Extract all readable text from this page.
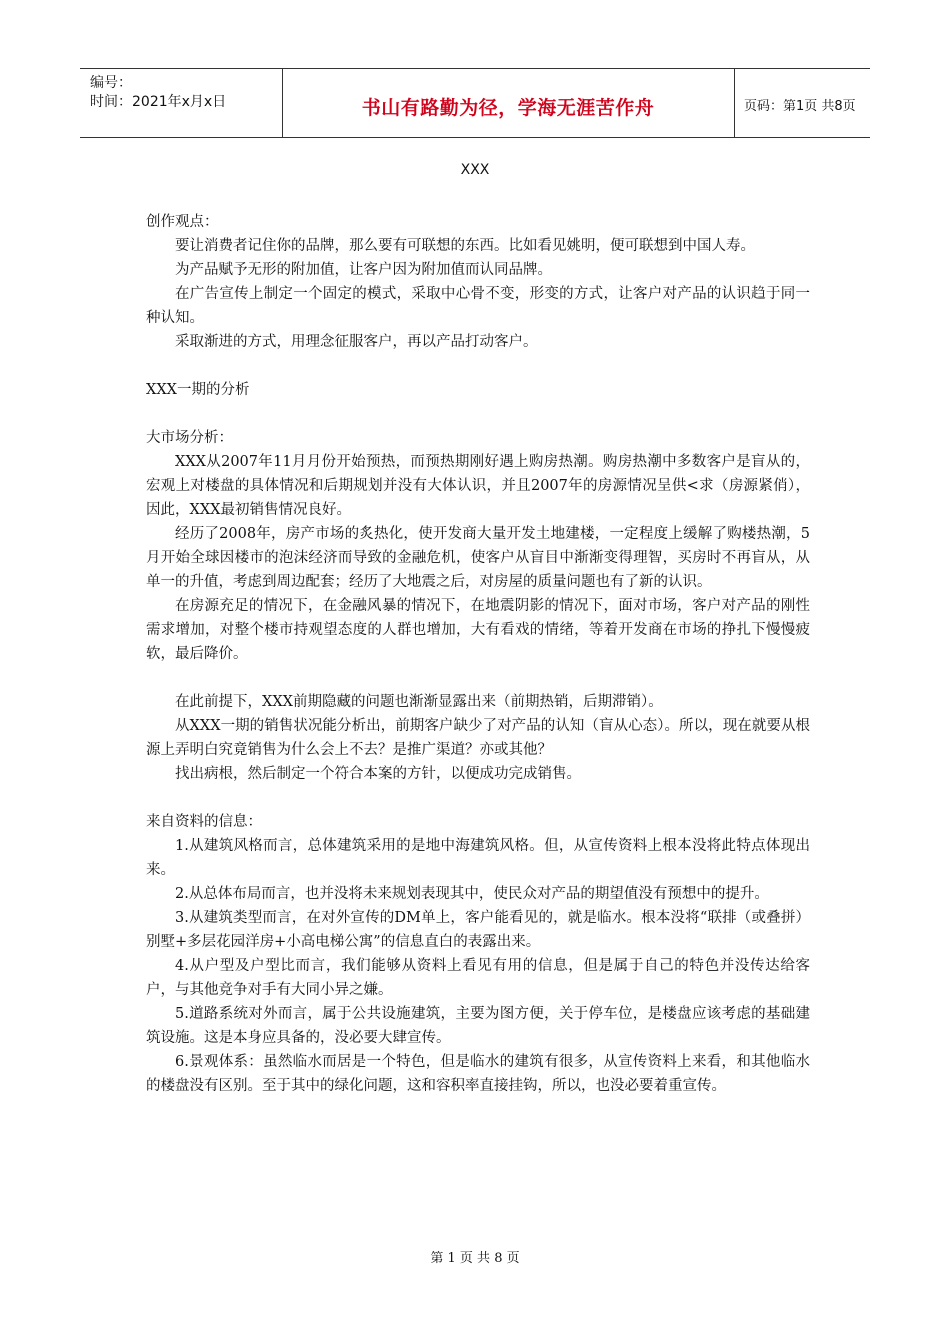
编号：
时间：2021年x月x日	书山有路勤为径，学海无涯苦作舟	页码：第1页 共8页
XXX

创作观点：

要让消费者记住你的品牌，那么要有可联想的东西。比如看见姚明，便可联想到中国人寿。

为产品赋予无形的附加值，让客户因为附加值而认同品牌。

在广告宣传上制定一个固定的模式，采取中心骨不变，形变的方式，让客户对产品的认识趋于同一种认知。

采取渐进的方式，用理念征服客户，再以产品打动客户。

XXX一期的分析

大市场分析：

XXX从2007年11月月份开始预热，而预热期刚好遇上购房热潮。购房热潮中多数客户是盲从的，宏观上对楼盘的具体情况和后期规划并没有大体认识，并且2007年的房源情况呈供<求（房源紧俏），因此，XXX最初销售情况良好。

经历了2008年，房产市场的炙热化，使开发商大量开发土地建楼，一定程度上缓解了购楼热潮，5月开始全球因楼市的泡沫经济而导致的金融危机，使客户从盲目中渐渐变得理智，买房时不再盲从，从单一的升值，考虑到周边配套；经历了大地震之后，对房屋的质量问题也有了新的认识。

在房源充足的情况下，在金融风暴的情况下，在地震阴影的情况下，面对市场，客户对产品的刚性需求增加，对整个楼市持观望态度的人群也增加，大有看戏的情绪，等着开发商在市场的挣扎下慢慢疲软，最后降价。

在此前提下，XXX前期隐藏的问题也渐渐显露出来（前期热销，后期滞销）。

从XXX一期的销售状况能分析出，前期客户缺少了对产品的认知（盲从心态）。所以，现在就要从根源上弄明白究竟销售为什么会上不去？是推广渠道？亦或其他？

找出病根，然后制定一个符合本案的方针，以便成功完成销售。

来自资料的信息：

1.从建筑风格而言，总体建筑采用的是地中海建筑风格。但，从宣传资料上根本没将此特点体现出来。

2.从总体布局而言，也并没将未来规划表现其中，使民众对产品的期望值没有预想中的提升。

3.从建筑类型而言，在对外宣传的DM单上，客户能看见的，就是临水。根本没将“联排（或叠拼）别墅+多层花园洋房+小高电梯公寓”的信息直白的表露出来。

4.从户型及户型比而言，我们能够从资料上看见有用的信息，但是属于自己的特色并没传达给客户，与其他竞争对手有大同小异之嫌。

5.道路系统对外而言，属于公共设施建筑，主要为图方便，关于停车位，是楼盘应该考虑的基础建筑设施。这是本身应具备的，没必要大肆宣传。

6.景观体系：虽然临水而居是一个特色，但是临水的建筑有很多，从宣传资料上来看，和其他临水的楼盘没有区别。至于其中的绿化问题，这和容积率直接挂钩，所以，也没必要着重宣传。

第 1 页 共 8 页
